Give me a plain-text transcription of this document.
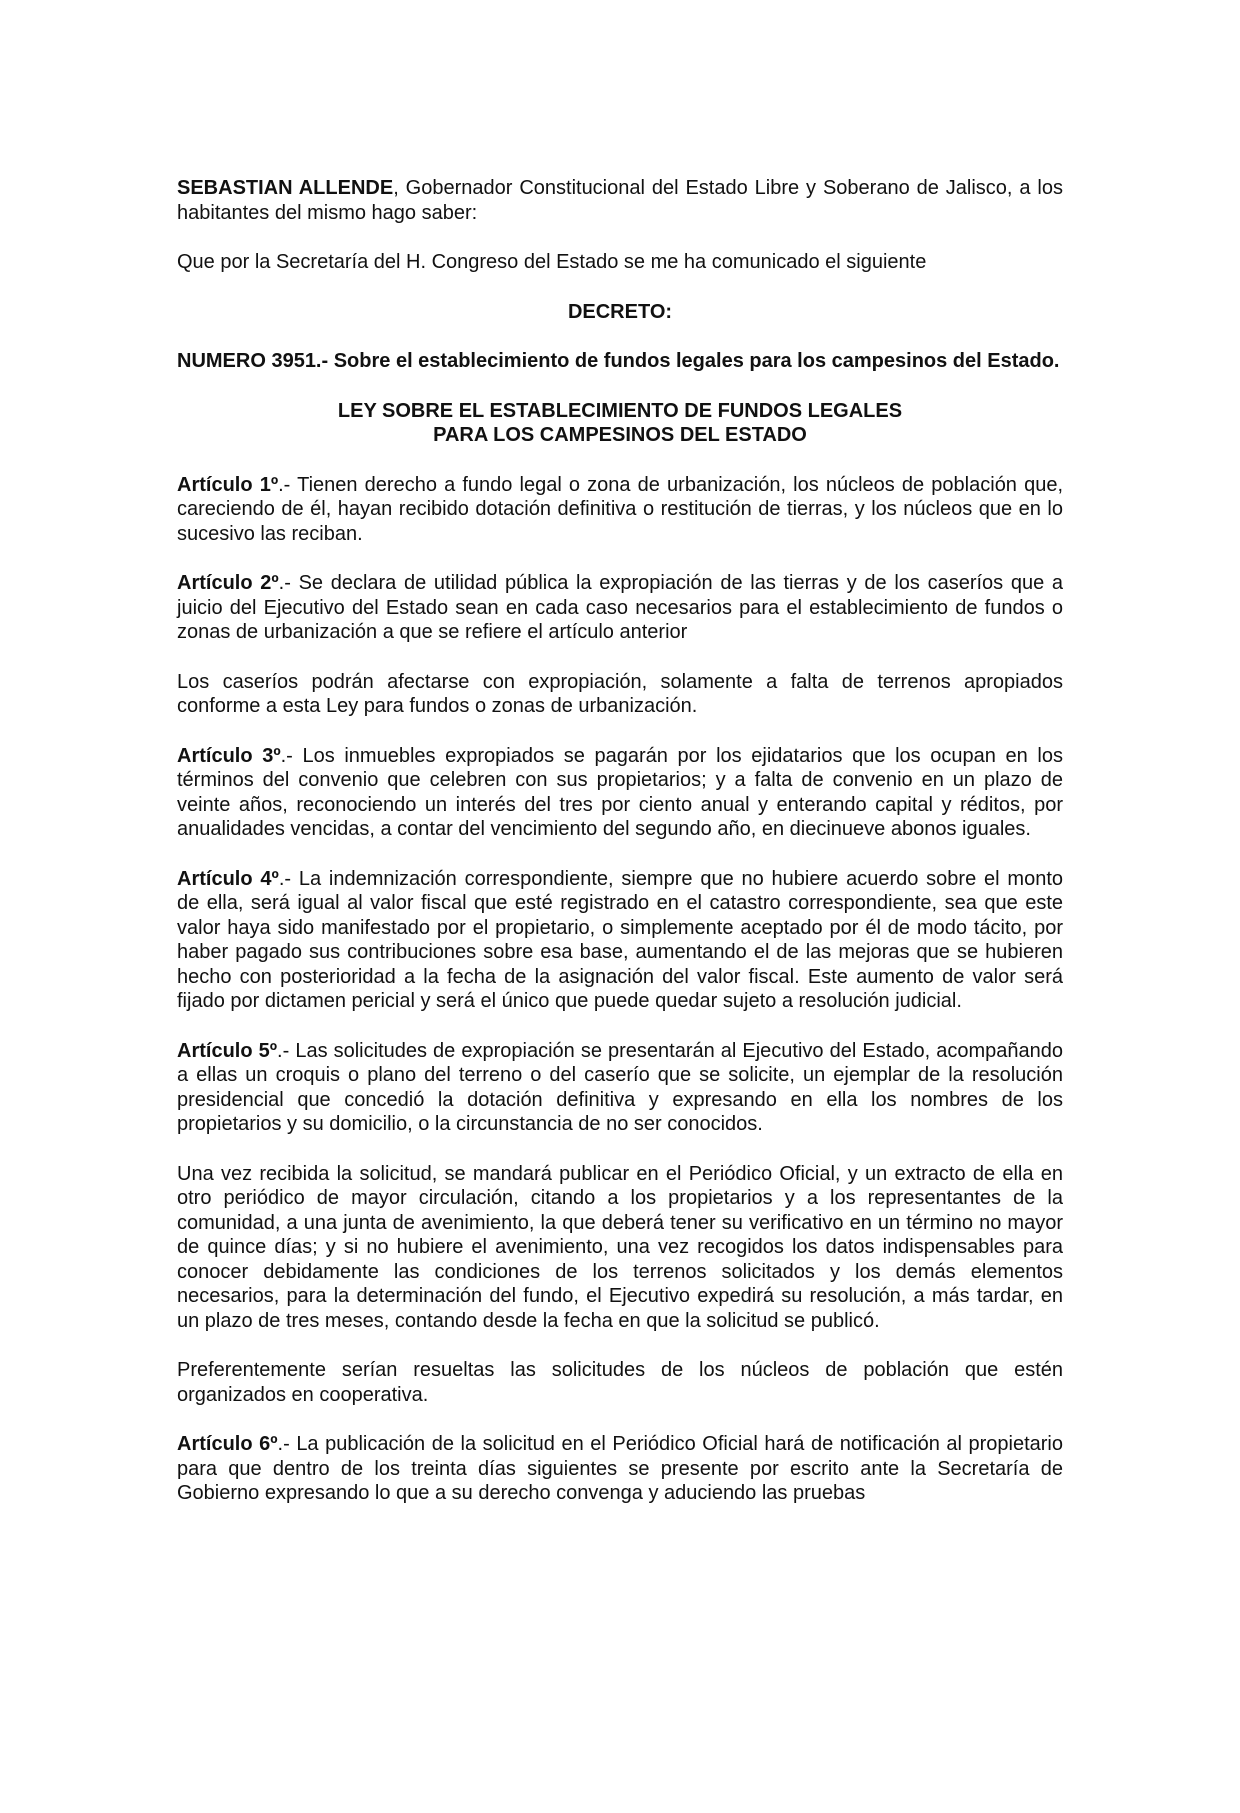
SEBASTIAN ALLENDE, Gobernador Constitucional del Estado Libre y Soberano de Jalisco, a los habitantes del mismo hago saber:

Que por la Secretaría del H. Congreso del Estado se me ha comunicado el siguiente

DECRETO:

NUMERO 3951.- Sobre el establecimiento de fundos legales para los campesinos del Estado.

LEY SOBRE EL ESTABLECIMIENTO DE FUNDOS LEGALES
PARA LOS CAMPESINOS DEL ESTADO

Artículo 1º.- Tienen derecho a fundo legal o zona de urbanización, los núcleos de población que, careciendo de él, hayan recibido dotación definitiva o restitución de tierras, y los núcleos que en lo sucesivo las reciban.

Artículo 2º.- Se declara de utilidad pública la expropiación de las tierras y de los caseríos que a juicio del Ejecutivo del Estado sean en cada caso necesarios para el establecimiento de fundos o zonas de urbanización a que se refiere el artículo anterior

Los caseríos podrán afectarse con expropiación, solamente a falta de terrenos apropiados conforme a esta Ley para fundos o zonas de urbanización.

Artículo 3º.- Los inmuebles expropiados se pagarán por los ejidatarios que los ocupan en los términos del convenio que celebren con sus propietarios; y a falta de convenio en un plazo de veinte años, reconociendo un interés del tres por ciento anual y enterando capital y réditos, por anualidades vencidas, a contar del vencimiento del segundo año, en diecinueve abonos iguales.

Artículo 4º.- La indemnización correspondiente, siempre que no hubiere acuerdo sobre el monto de ella, será igual al valor fiscal que esté registrado en el catastro correspondiente, sea que este valor haya sido manifestado por el propietario, o simplemente aceptado por él de modo tácito, por haber pagado sus contribuciones sobre esa base, aumentando el de las mejoras que se hubieren hecho con posterioridad a la fecha de la asignación del valor fiscal. Este aumento de valor será fijado por dictamen pericial y será el único que puede quedar sujeto a resolución judicial.

Artículo 5º.- Las solicitudes de expropiación se presentarán al Ejecutivo del Estado, acompañando a ellas un croquis o plano del terreno o del caserío que se solicite, un ejemplar de la resolución presidencial que concedió la dotación definitiva y expresando en ella los nombres de los propietarios y su domicilio, o la circunstancia de no ser conocidos.

Una vez recibida la solicitud, se mandará publicar en el Periódico Oficial, y un extracto de ella en otro periódico de mayor circulación, citando a los propietarios y a los representantes de la comunidad, a una junta de avenimiento, la que deberá tener su verificativo en un término no mayor de quince días; y si no hubiere el avenimiento, una vez recogidos los datos indispensables para conocer debidamente las condiciones de los terrenos solicitados y los demás elementos necesarios, para la determinación del fundo, el Ejecutivo expedirá su resolución, a más tardar, en un plazo de tres meses, contando desde la fecha en que la solicitud se publicó.

Preferentemente serían resueltas las solicitudes de los núcleos de población que estén organizados en cooperativa.

Artículo 6º.- La publicación de la solicitud en el Periódico Oficial hará de notificación al propietario para que dentro de los treinta días siguientes se presente por escrito ante la Secretaría de Gobierno expresando lo que a su derecho convenga y aduciendo las pruebas
